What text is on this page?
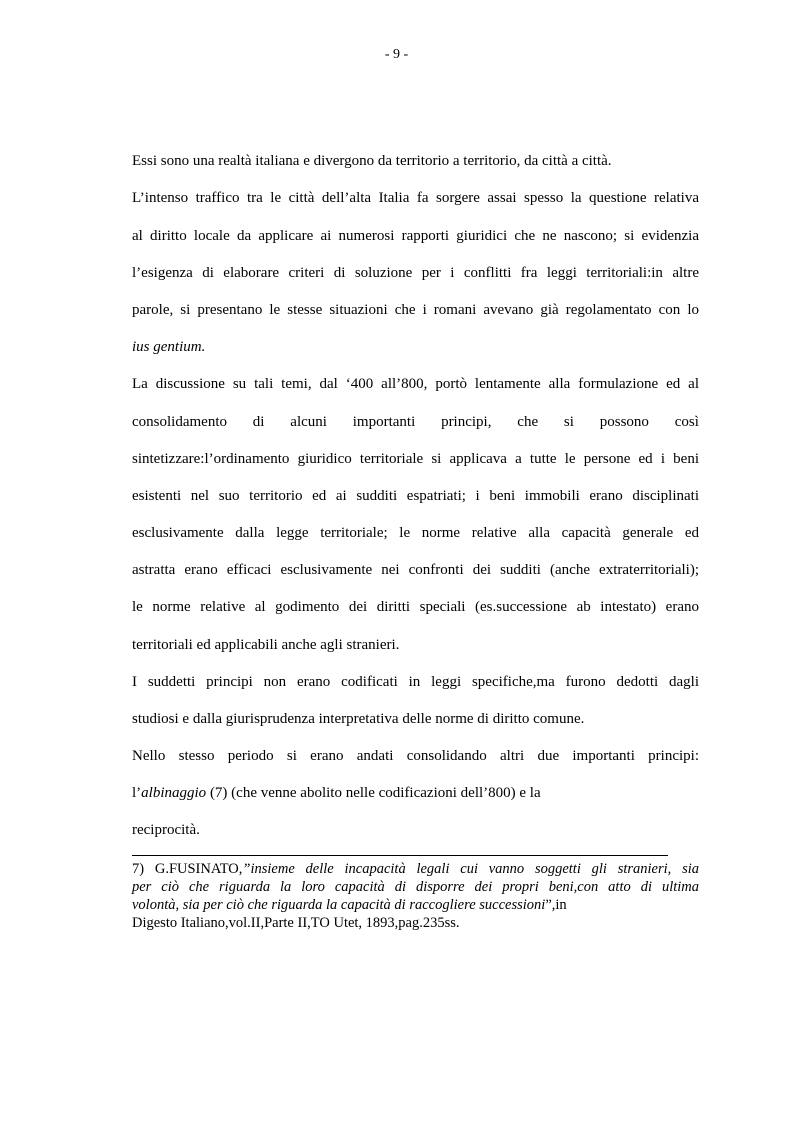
- 9 -
Essi sono una realtà italiana e divergono da territorio a territorio, da città a città.
L’intenso traffico tra le città dell’alta Italia fa sorgere assai spesso la questione relativa
al diritto locale da applicare ai numerosi rapporti giuridici che ne nascono; si evidenzia
l’esigenza di elaborare criteri di soluzione per i conflitti fra leggi territoriali:in altre
parole, si presentano le stesse situazioni che i romani avevano già regolamentato con lo
ius gentium.
La discussione su tali temi, dal ‘400 all’800, portò lentamente alla formulazione ed al
consolidamento di alcuni importanti principi, che si possono così
sintetizzare:l’ordinamento giuridico territoriale si applicava a tutte le persone ed i beni
esistenti nel suo territorio ed ai sudditi espatriati; i beni immobili erano disciplinati
esclusivamente dalla legge territoriale; le norme relative alla capacità generale ed
astratta erano efficaci esclusivamente nei confronti dei sudditi (anche extraterritoriali);
le norme relative al godimento dei diritti speciali (es.successione ab intestato) erano
territoriali ed applicabili anche agli stranieri.
I suddetti principi non erano codificati in leggi specifiche,ma furono dedotti dagli
studiosi e dalla giurisprudenza interpretativa delle norme di diritto comune.
Nello stesso periodo si erano andati consolidando altri due importanti principi:
l’albinaggio (7) (che venne abolito nelle codificazioni dell’800) e la
reciprocità.
7) G.FUSINATO,”insieme delle incapacità legali cui vanno soggetti gli stranieri, sia
per ciò che riguarda la loro capacità di disporre dei propri beni,con atto di ultima
volontà, sia per ciò che riguarda la capacità di raccogliere successioni”,in
Digesto Italiano,vol.II,Parte II,TO Utet, 1893,pag.235ss.
